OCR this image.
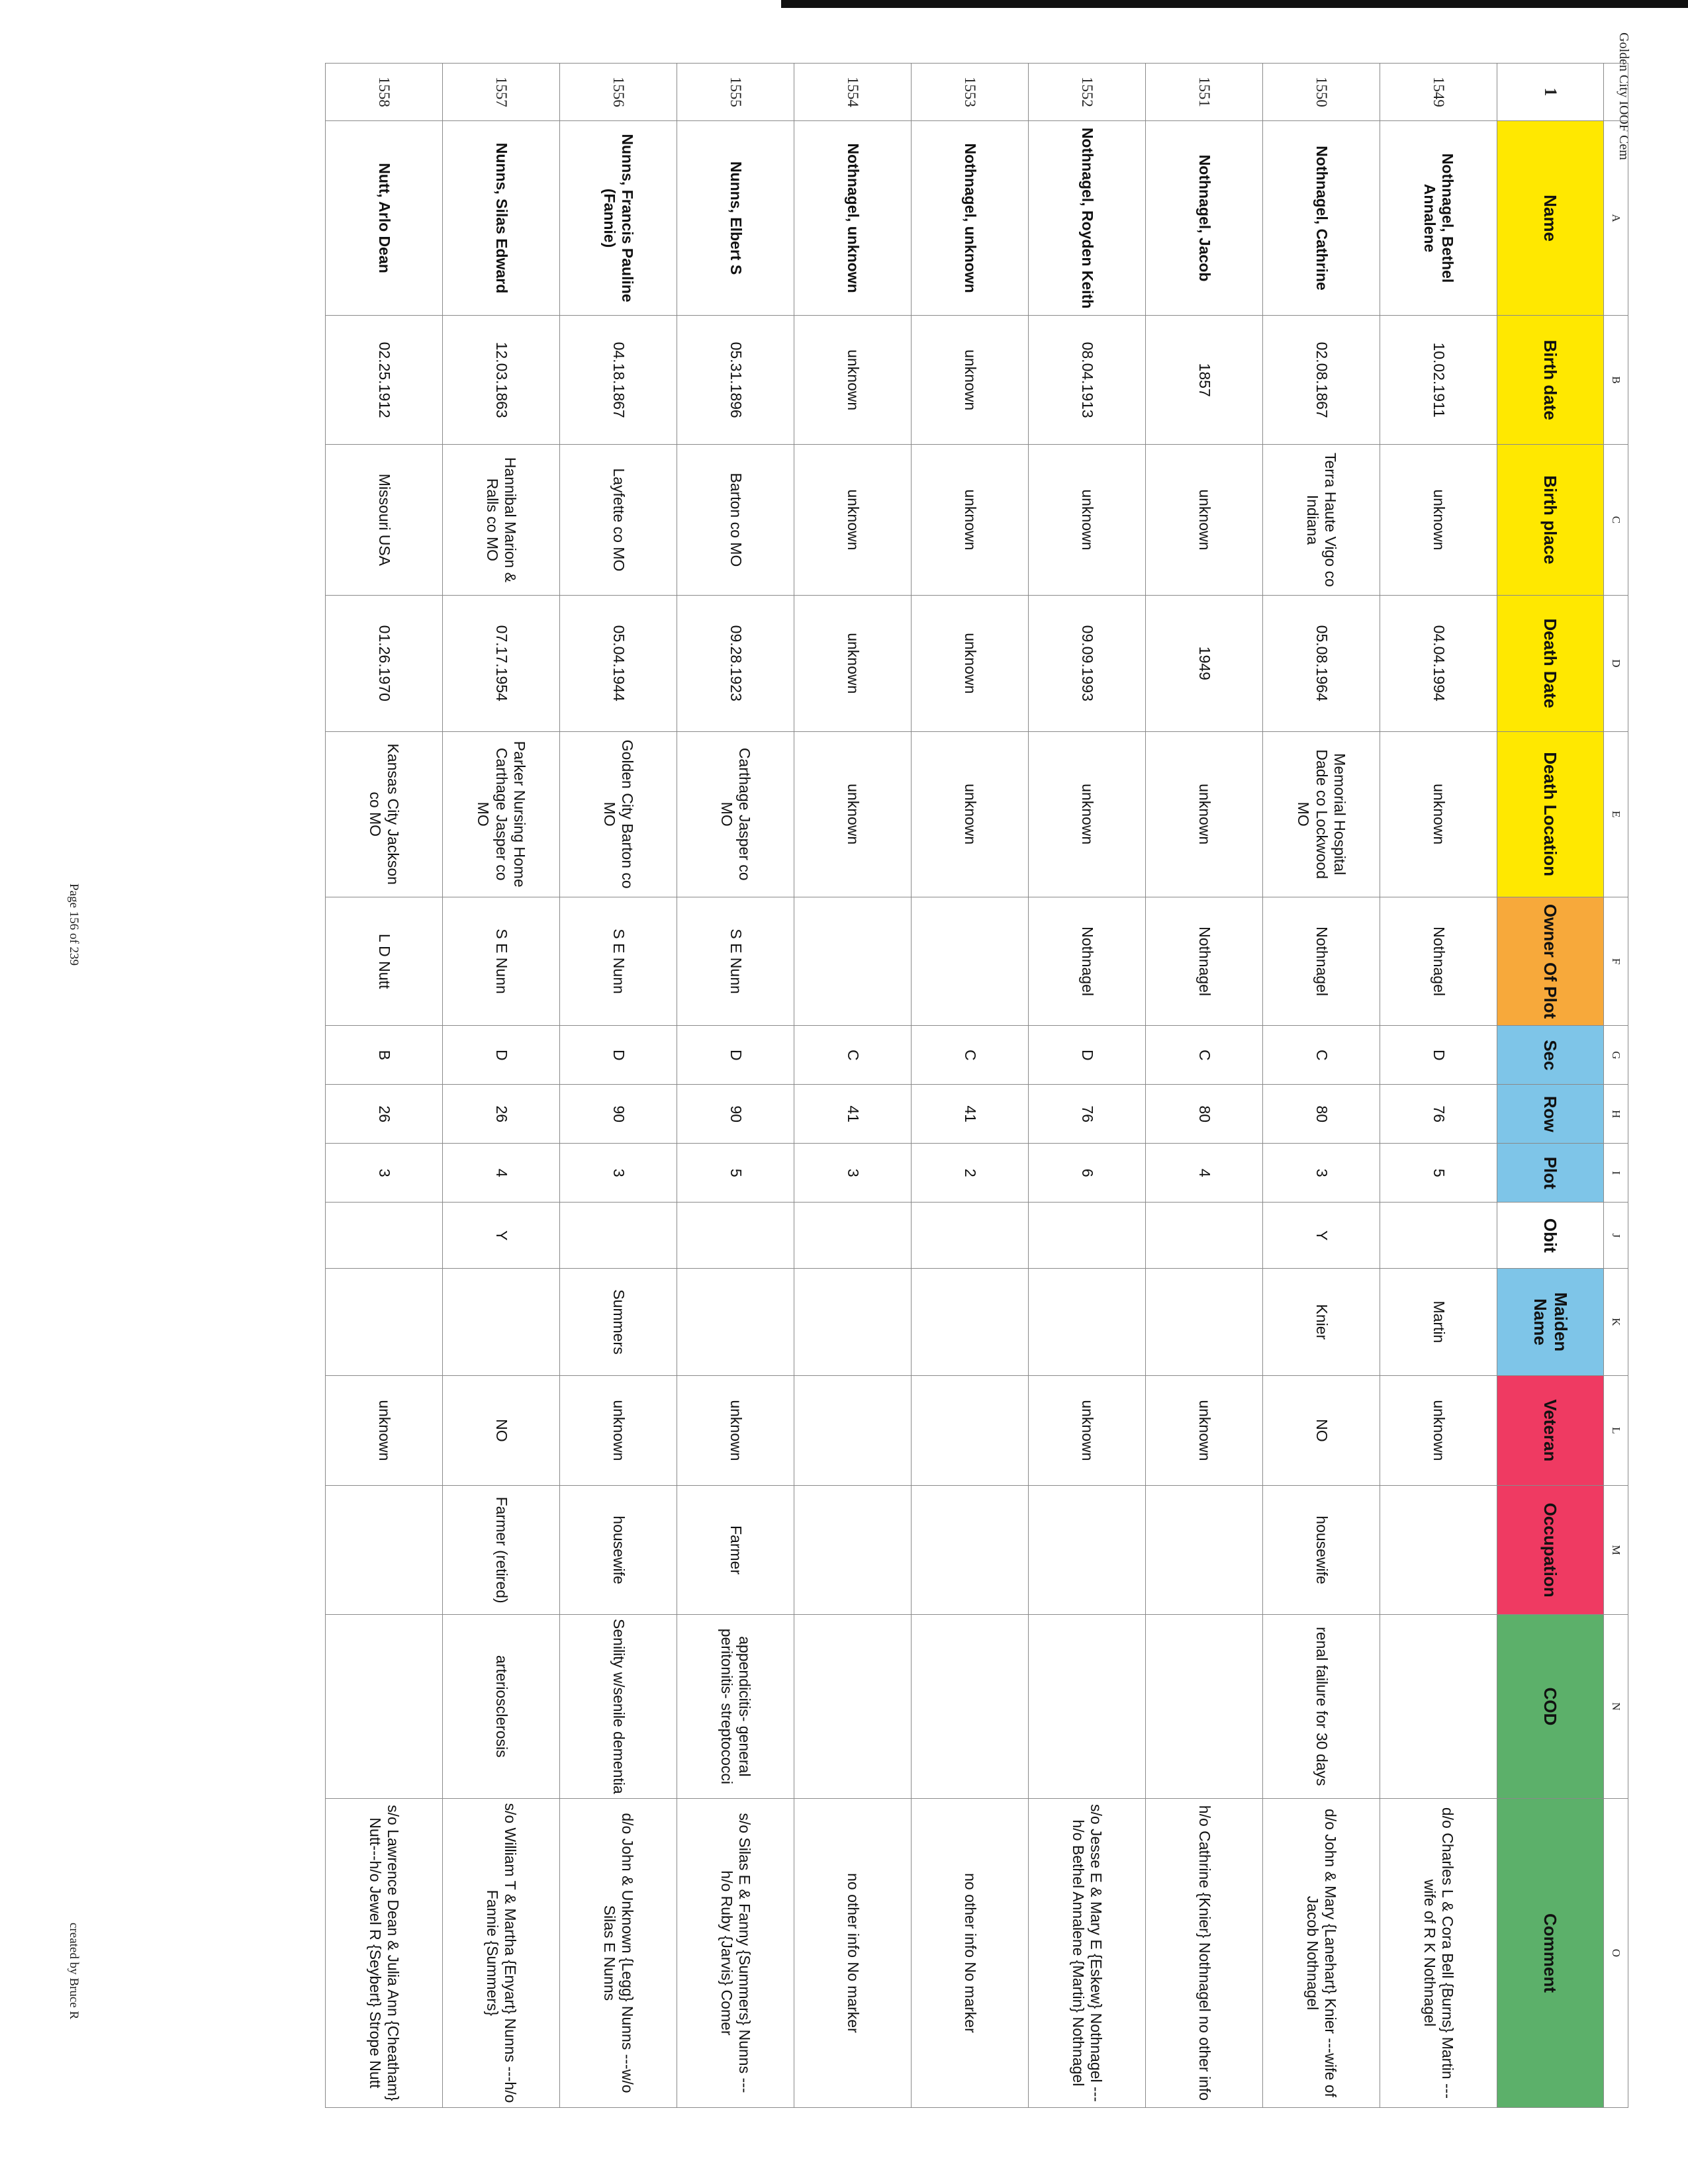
Golden City IOOF Cem
Page 156 of 239
created by Bruce R
	A	B	C	D	E	F	G	H	I	J	K	L	M	N	O
1	Name	Birth date	Birth place	Death Date	Death Location	Owner Of Plot	Sec	Row	Plot	Obit	Maiden Name	Veteran	Occupation	COD	Comment
1549	Nothnagel, Bethel Annalene	10.02.1911	unknown	04.04.1994	unknown	Nothnagel	D	76	5		Martin	unknown			d/o Charles L & Cora Bell {Burns} Martin ---wife of R K Nothnagel
1550	Nothnagel, Cathrine	02.08.1867	Terra Haute Vigo co Indiana	05.08.1964	Memorial Hospital Dade co Lockwood MO	Nothnagel	C	80	3	Y	Knier	NO	housewife	renal failure for 30 days	d/o John & Mary {Lanehart} Knier ---wife of Jacob Nothnagel
1551	Nothnagel, Jacob	1857	unknown	1949	unknown	Nothnagel	C	80	4			unknown			h/o Cathrine {Knier} Nothnagel no other info
1552	Nothnagel, Royden Keith	08.04.1913	unknown	09.09.1993	unknown	Nothnagel	D	76	6			unknown			s/o Jesse E & Mary E {Eskew} Nothnagel ---h/o Bethel Annalene {Martin} Nothnagel
1553	Nothnagel, unknown	unknown	unknown	unknown	unknown		C	41	2						no other info No marker
1554	Nothnagel, unknown	unknown	unknown	unknown	unknown		C	41	3						no other info No marker
1555	Nunns, Elbert S	05.31.1896	Barton co MO	09.28.1923	Carthage Jasper co MO	S E Nunn	D	90	5			unknown	Farmer	appendicitis- general peritonitis- streptococci	s/o Silas E & Fanny {Summers} Nunns ---h/o Ruby {Jarvis} Comer
1556	Nunns, Francis Pauline (Fannie)	04.18.1867	Layfette co MO	05.04.1944	Golden City Barton co MO	S E Nunn	D	90	3		Summers	unknown	housewife	Senility w/senile dementia	d/o John & Unknown {Legg} Nunns ---w/o Silas E Nunns
1557	Nunns, Silas Edward	12.03.1863	Hannibal Marion & Ralls co MO	07.17.1954	Parker Nursing Home Carthage Jasper co MO	S E Nunn	D	26	4	Y		NO	Farmer (retired)	arteriosclerosis	s/o William T & Martha {Enyart} Nunns ---h/o Fannie {Summers}
1558	Nutt, Arlo Dean	02.25.1912	Missouri USA	01.26.1970	Kansas City Jackson co MO	L D Nutt	B	26	3			unknown			s/o Lawrence Dean & Julia Ann {Cheatham} Nutt---h/o Jewel R {Seybert} Strope Nutt
